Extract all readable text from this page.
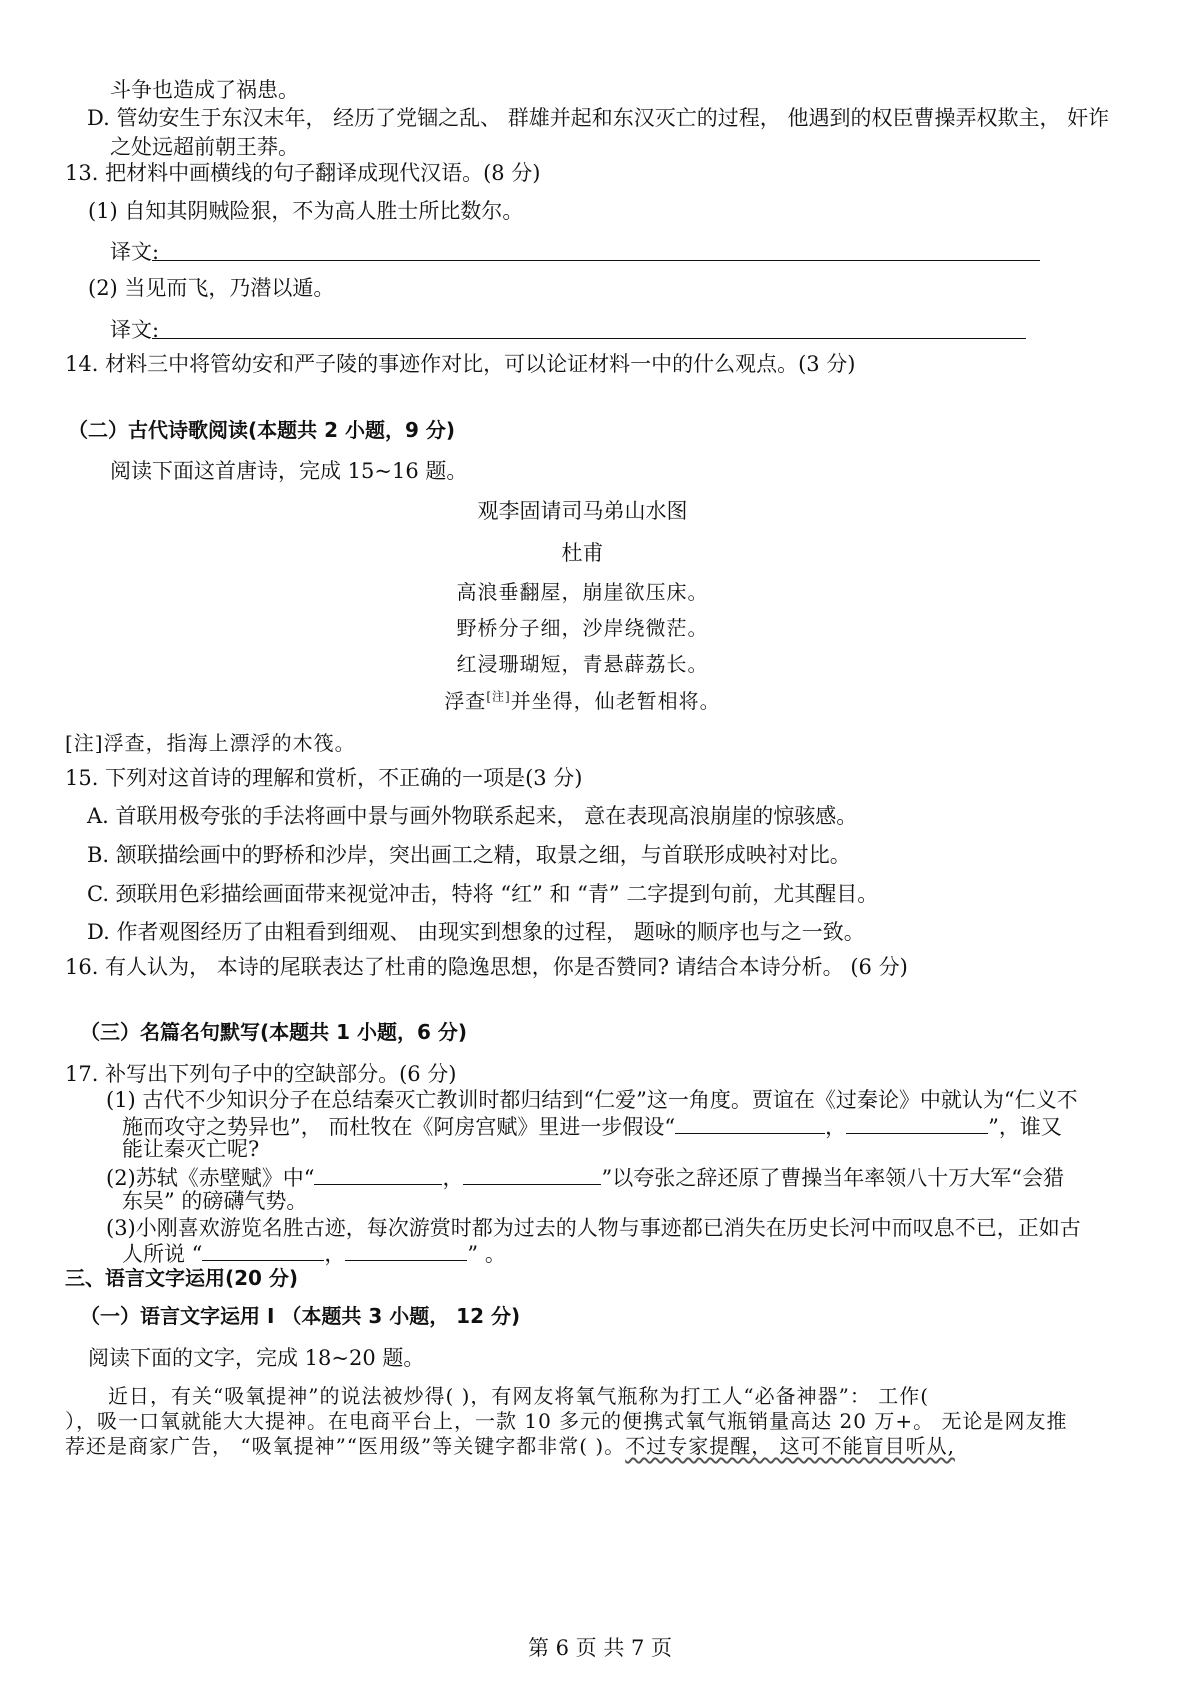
斗争也造成了祸患。
D. 管幼安生于东汉末年， 经历了党锢之乱、 群雄并起和东汉灭亡的过程， 他遇到的权臣曹操弄权欺主， 奸诈
之处远超前朝王莽。
13. 把材料中画横线的句子翻译成现代汉语。(8 分)
(1) 自知其阴贼险狠，不为高人胜士所比数尔。
译文:
(2) 当见而飞，乃潜以遁。
译文:
14. 材料三中将管幼安和严子陵的事迹作对比，可以论证材料一中的什么观点。(3 分)
（二）古代诗歌阅读(本题共 2 小题，9 分)
阅读下面这首唐诗，完成 15~16 题。
观李固请司马弟山水图
杜甫
高浪垂翻屋，崩崖欲压床。
野桥分子细，沙岸绕微茫。
红浸珊瑚短，青悬薜荔长。
浮查[注]并坐得，仙老暂相将。
[注]浮查，指海上漂浮的木筏。
15. 下列对这首诗的理解和赏析，不正确的一项是(3 分)
A. 首联用极夸张的手法将画中景与画外物联系起来， 意在表现高浪崩崖的惊骇感。
B. 颔联描绘画中的野桥和沙岸，突出画工之精，取景之细，与首联形成映衬对比。
C. 颈联用色彩描绘画面带来视觉冲击，特将 “红” 和 “青” 二字提到句前，尤其醒目。
D. 作者观图经历了由粗看到细观、 由现实到想象的过程， 题咏的顺序也与之一致。
16. 有人认为， 本诗的尾联表达了杜甫的隐逸思想，你是否赞同? 请结合本诗分析。 (6 分)
（三）名篇名句默写(本题共 1 小题，6 分)
17. 补写出下列句子中的空缺部分。(6 分)
(1) 古代不少知识分子在总结秦灭亡教训时都归结到“仁爱”这一角度。贾谊在《过秦论》中就认为“仁义不
施而攻守之势异也”， 而杜牧在《阿房宫赋》里进一步假设“	，	”，谁又
能让秦灭亡呢?
(2)苏轼《赤壁赋》中“	，	”以夸张之辞还原了曹操当年率领八十万大军“会猎
东吴” 的磅礴气势。
(3)小刚喜欢游览名胜古迹，每次游赏时都为过去的人物与事迹都已消失在历史长河中而叹息不已，正如古
人所说 “	，	” 。
三、语言文字运用(20 分)
（一）语言文字运用 Ⅰ （本题共 3 小题， 12 分)
阅读下面的文字，完成 18~20 题。
近日，有关“吸氧提神”的说法被炒得( )，有网友将氧气瓶称为打工人“必备神器”： 工作(
），吸一口氧就能大大提神。在电商平台上，一款 10 多元的便携式氧气瓶销量高达 20 万+。 无论是网友推
荐还是商家广告， “吸氧提神”“医用级”等关键字都非常( )。不过专家提醒， 这可不能盲目听从,
第 6 页 共 7 页
